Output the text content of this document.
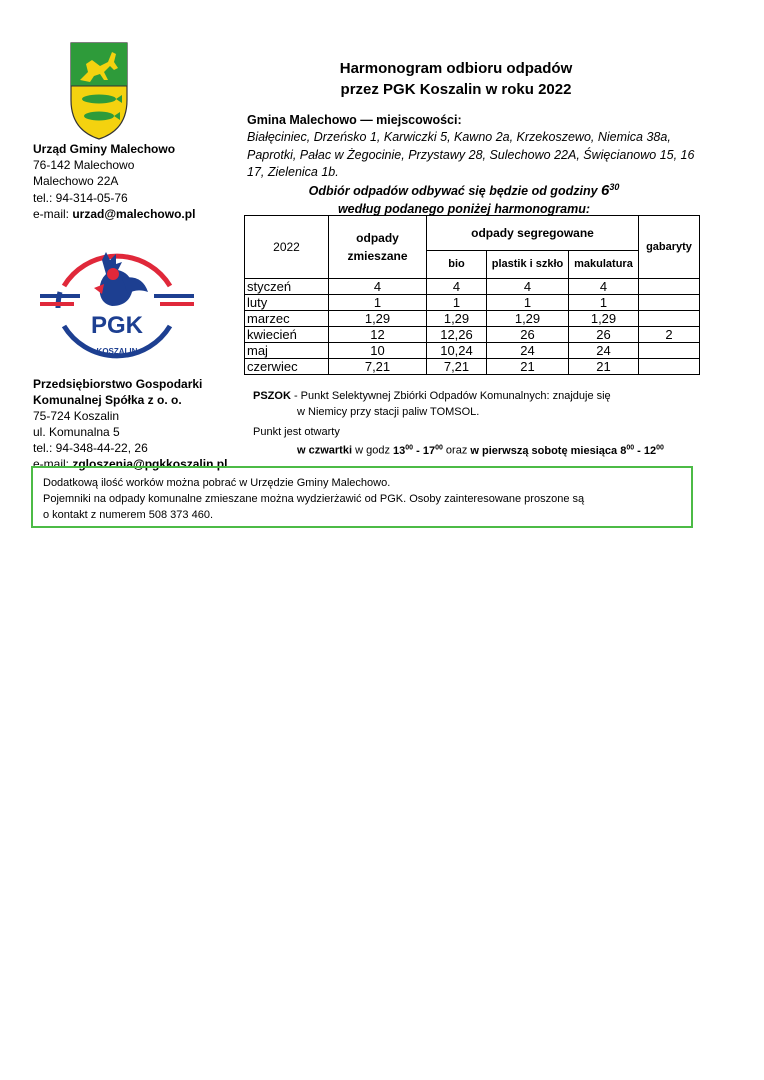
Urząd Gminy Malechowo
76-142 Malechowo
Malechowo 22A
tel.: 94-314-05-76
e-mail: urzad@malechowo.pl
PGK
KOSZALIN
Przedsiębiorstwo Gospodarki
Komunalnej Spółka z o. o.
75-724 Koszalin
ul. Komunalna 5
tel.: 94-348-44-22, 26
e-mail: zgloszenia@pgkkoszalin.pl
Harmonogram odbioru odpadów
przez PGK Koszalin w roku 2022
Gmina Malechowo — miejscowości:
Białęciniec, Drzeńsko 1, Karwiczki 5, Kawno 2a, Krzekoszewo, Niemica 38a, Paprotki, Pałac w Żegocinie, Przystawy 28, Sulechowo 22A, Święcianowo 15, 16 17, Zielenica 1b.
Odbiór odpadów odbywać się będzie od godziny $6^{30}$
według podanego poniżej harmonogramu:
2022	odpady zmieszane	odpady segregowane			gabaryty
		bio	plastik i szkło	makulatura	
styczeń	4	4	4	4	
luty	1	1	1	1	
marzec	1,29	1,29	1,29	1,29	
kwiecień	12	12,26	26	26	2
maj	10	10,24	24	24	
czerwiec	7,21	7,21	21	21	
PSZOK - Punkt Selektywnej Zbiórki Odpadów Komunalnych: znajduje się
w Niemicy przy stacji paliw TOMSOL.
Punkt jest otwarty
w czwartki w godz $13^{00} - 17^{00}$ oraz w pierwszą sobotę miesiąca $8^{00} - 12^{00}$
Dodatkową ilość worków można pobrać w Urzędzie Gminy Malechowo.
Pojemniki na odpady komunalne zmieszane można wydzierżawić od PGK. Osoby zainteresowane proszone są
o kontakt z numerem 508 373 460.
